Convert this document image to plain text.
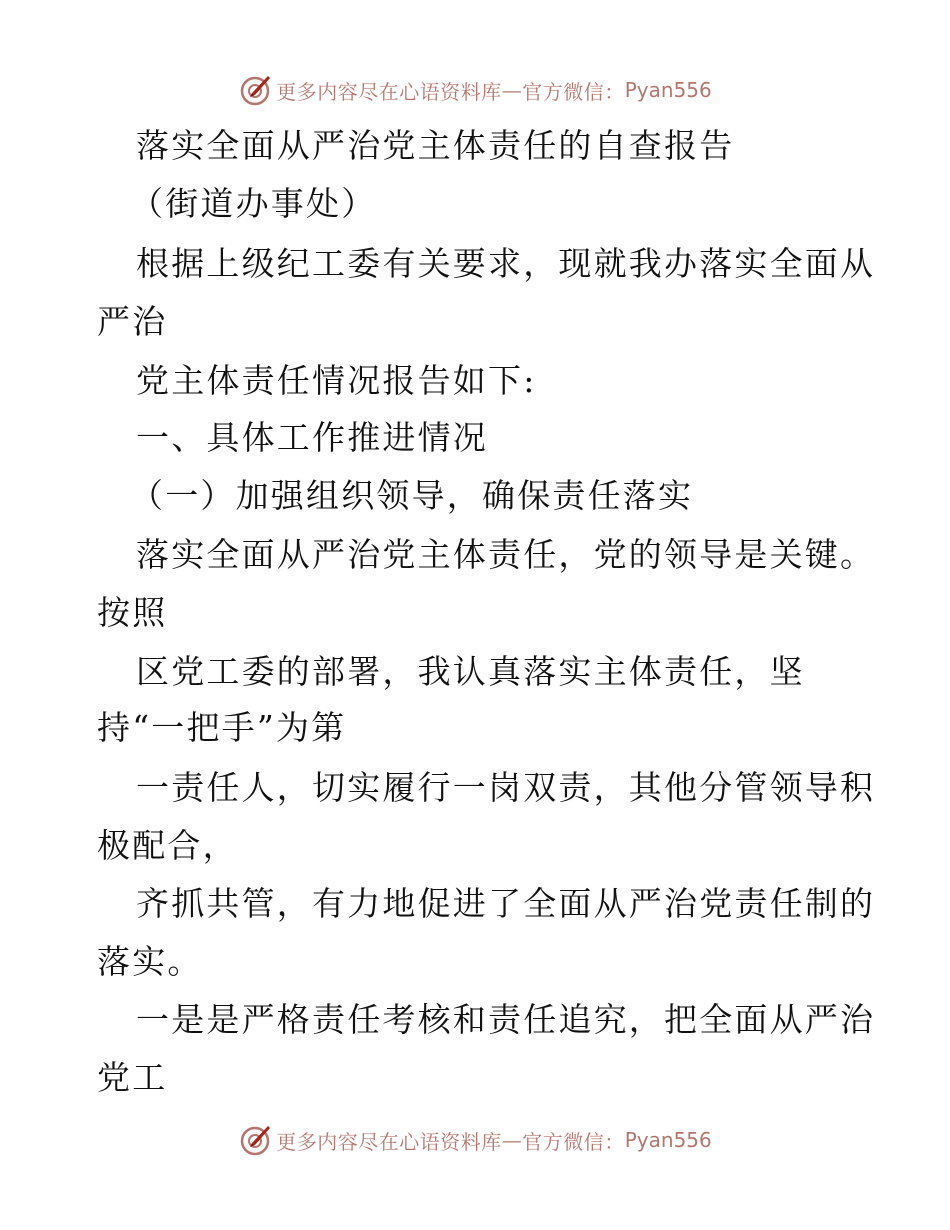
更多内容尽在心语资料库 — 官方微信： Pyan556
落实全面从严治党主体责任的自查报告
（街道办事处）
根据上级纪工委有关要求，现就我办落实全面从
严治
党主体责任情况报告如下:
一、具体工作推进情况
（一）加强组织领导，确保责任落实
落实全面从严治党主体责任，党的领导是关键。
按照
区党工委的部署，我认真落实主体责任，坚
持“一把手”为第
一责任人，切实履行一岗双责，其他分管领导积
极配合，
齐抓共管，有力地促进了全面从严治党责任制的
落实。
一是是严格责任考核和责任追究，把全面从严治
党工
更多内容尽在心语资料库 — 官方微信： Pyan556
